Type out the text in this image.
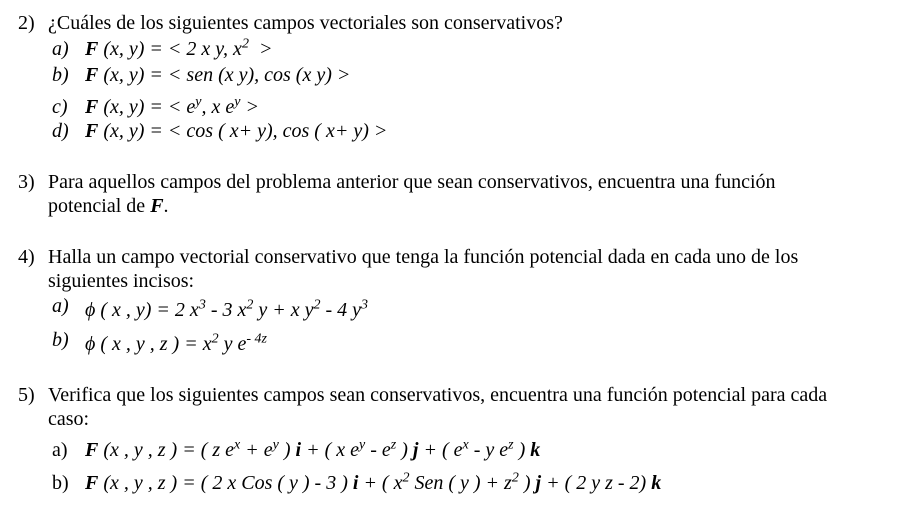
2) ¿Cuáles de los siguientes campos vectoriales son conservativos?
a) F (x, y) = < 2 x y, $x^2$ >
b) F (x, y) = < sen (x y), cos (x y) >
c) F (x, y) = < $e^y$, x $e^y$ >
d) F (x, y) = < cos ( x+ y), cos ( x+ y) >
3) Para aquellos campos del problema anterior que sean conservativos, encuentra una función
potencial de F.
4) Halla un campo vectorial conservativo que tenga la función potencial dada en cada uno de los
siguientes incisos:
a) ϕ ( x , y) = 2 $x^3 - 3$ $x^2$ y + x $y^2 - 4$ $y^3$
b) ϕ ( x , y , z ) = $x^2$ y $e^{- 4z}$
5) Verifica que los siguientes campos sean conservativos, encuentra una función potencial para cada
caso:
a) F (x , y , z ) = ( z $e^x + e^y$ ) i + ( x $e^y - e^z$ ) j + ( $e^x$ - y $e^z$ ) k
b) F (x , y , z ) = ( 2 x Cos ( y ) - 3 ) i + ( $x^2$ Sen ( y ) + $z^2$ ) j + ( 2 y z - 2) k
